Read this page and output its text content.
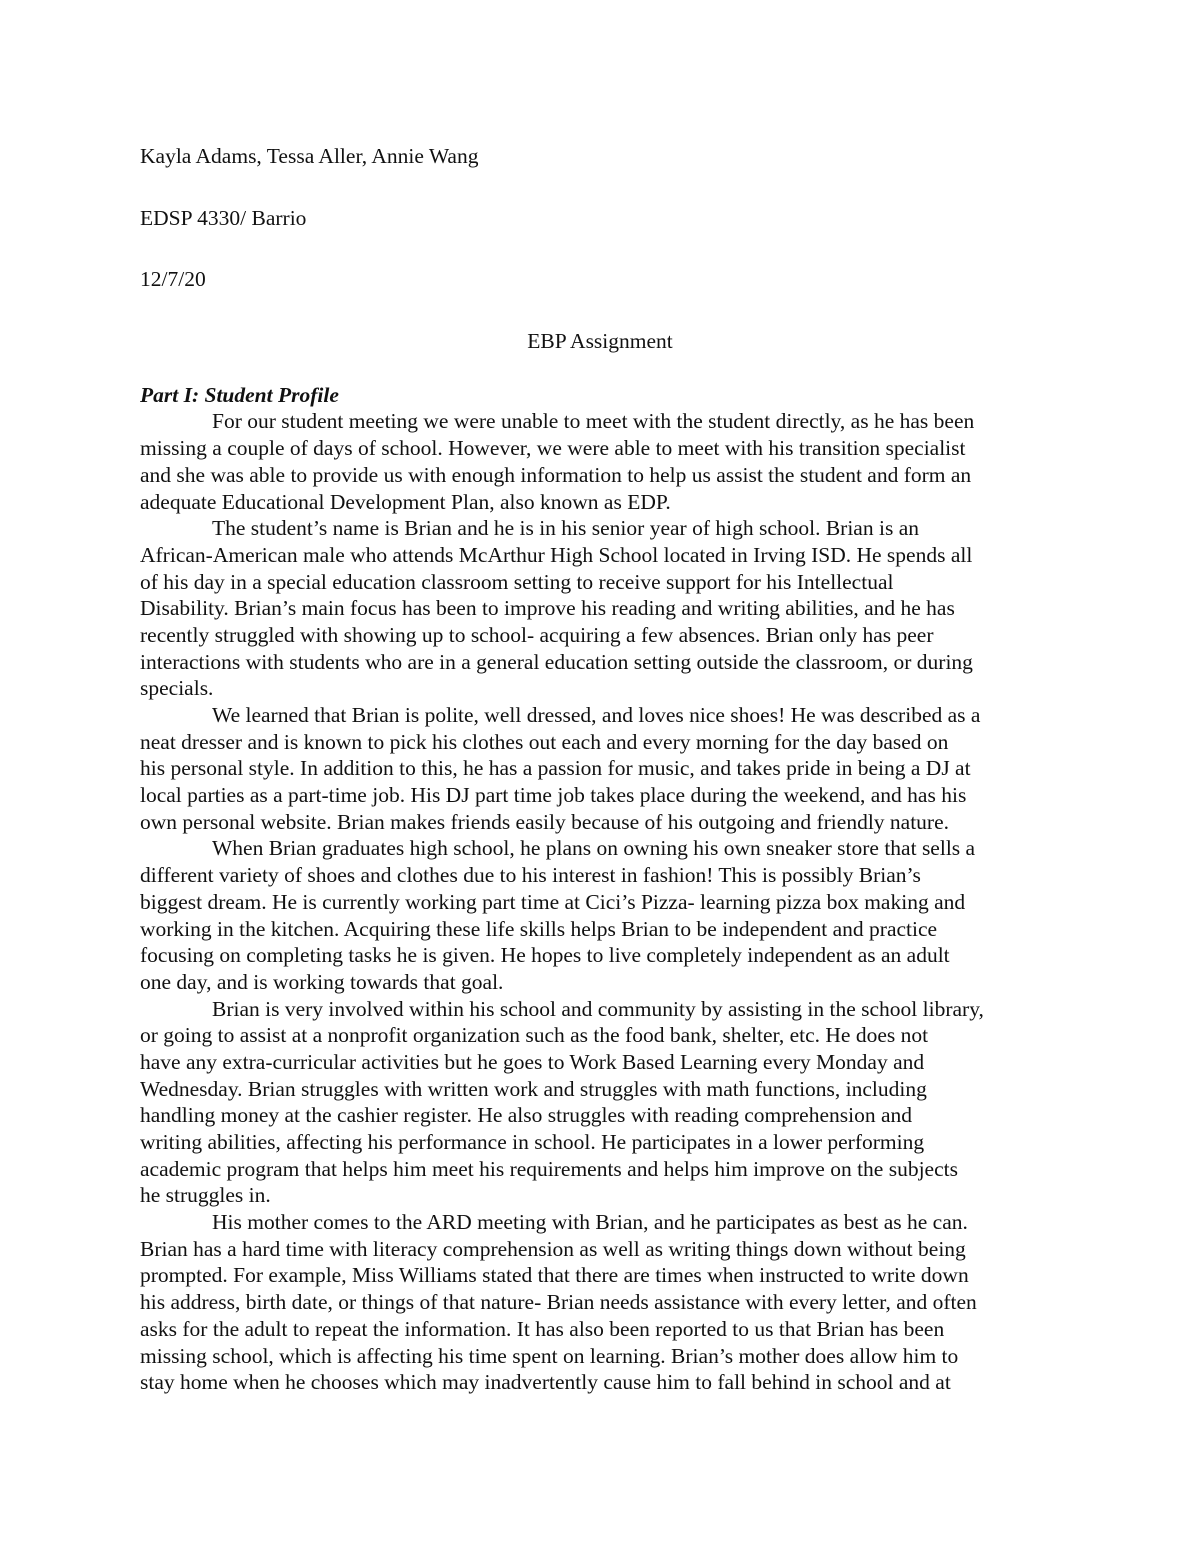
Kayla Adams, Tessa Aller, Annie Wang
EDSP 4330/ Barrio
12/7/20
EBP Assignment
Part I: Student Profile
For our student meeting we were unable to meet with the student directly, as he has been
missing a couple of days of school. However, we were able to meet with his transition specialist
and she was able to provide us with enough information to help us assist the student and form an
adequate Educational Development Plan, also known as EDP.
The student’s name is Brian and he is in his senior year of high school. Brian is an
African-American male who attends McArthur High School located in Irving ISD. He spends all
of his day in a special education classroom setting to receive support for his Intellectual
Disability. Brian’s main focus has been to improve his reading and writing abilities, and he has
recently struggled with showing up to school- acquiring a few absences. Brian only has peer
interactions with students who are in a general education setting outside the classroom, or during
specials.
We learned that Brian is polite, well dressed, and loves nice shoes! He was described as a
neat dresser and is known to pick his clothes out each and every morning for the day based on
his personal style. In addition to this, he has a passion for music, and takes pride in being a DJ at
local parties as a part-time job. His DJ part time job takes place during the weekend, and has his
own personal website. Brian makes friends easily because of his outgoing and friendly nature.
When Brian graduates high school, he plans on owning his own sneaker store that sells a
different variety of shoes and clothes due to his interest in fashion! This is possibly Brian’s
biggest dream. He is currently working part time at Cici’s Pizza- learning pizza box making and
working in the kitchen. Acquiring these life skills helps Brian to be independent and practice
focusing on completing tasks he is given. He hopes to live completely independent as an adult
one day, and is working towards that goal.
Brian is very involved within his school and community by assisting in the school library,
or going to assist at a nonprofit organization such as the food bank, shelter, etc. He does not
have any extra-curricular activities but he goes to Work Based Learning every Monday and
Wednesday. Brian struggles with written work and struggles with math functions, including
handling money at the cashier register. He also struggles with reading comprehension and
writing abilities, affecting his performance in school. He participates in a lower performing
academic program that helps him meet his requirements and helps him improve on the subjects
he struggles in.
His mother comes to the ARD meeting with Brian, and he participates as best as he can.
Brian has a hard time with literacy comprehension as well as writing things down without being
prompted. For example, Miss Williams stated that there are times when instructed to write down
his address, birth date, or things of that nature- Brian needs assistance with every letter, and often
asks for the adult to repeat the information. It has also been reported to us that Brian has been
missing school, which is affecting his time spent on learning. Brian’s mother does allow him to
stay home when he chooses which may inadvertently cause him to fall behind in school and at
